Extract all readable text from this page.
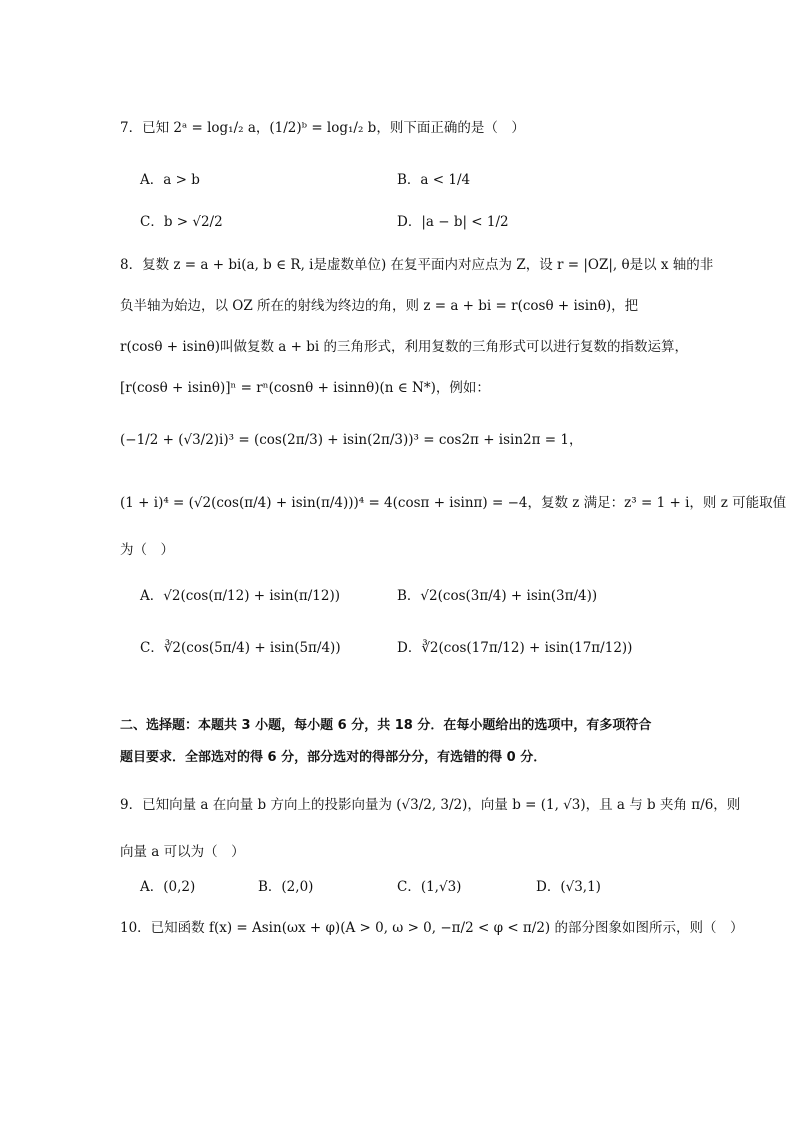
7．已知 2ᵃ = log₁/₂ a，(1/2)ᵇ = log₁/₂ b，则下面正确的是（　）
A．a > b	B．a < 1/4
C．b > √2/2	D．|a − b| < 1/2
8．复数 z = a + bi(a, b ∈ R, i是虚数单位) 在复平面内对应点为 Z，设 r = |OZ|, θ是以 x 轴的非
负半轴为始边，以 OZ 所在的射线为终边的角，则 z = a + bi = r(cosθ + isinθ)，把
r(cosθ + isinθ)叫做复数 a + bi 的三角形式，利用复数的三角形式可以进行复数的指数运算，
[r(cosθ + isinθ)]ⁿ = rⁿ(cosnθ + isinnθ)(n ∈ N*)，例如：
(−1/2 + (√3/2)i)³ = (cos(2π/3) + isin(2π/3))³ = cos2π + isin2π = 1，
(1 + i)⁴ = (√2(cos(π/4) + isin(π/4)))⁴ = 4(cosπ + isinπ) = −4，复数 z 满足：z³ = 1 + i，则 z 可能取值
为（　）
A．√2(cos(π/12) + isin(π/12))	B．√2(cos(3π/4) + isin(3π/4))
C．∛2(cos(5π/4) + isin(5π/4))	D．∛2(cos(17π/12) + isin(17π/12))
二、选择题：本题共 3 小题，每小题 6 分，共 18 分．在每小题给出的选项中，有多项符合
题目要求．全部选对的得 6 分，部分选对的得部分分，有选错的得 0 分．
9．已知向量 a 在向量 b 方向上的投影向量为 (√3/2, 3/2)，向量 b = (1, √3)，且 a 与 b 夹角 π/6，则
向量 a 可以为（　）
A．(0,2)	B．(2,0)	C．(1,√3)	D．(√3,1)
10．已知函数 f(x) = Asin(ωx + φ)(A > 0, ω > 0, −π/2 < φ < π/2) 的部分图象如图所示，则（　）
